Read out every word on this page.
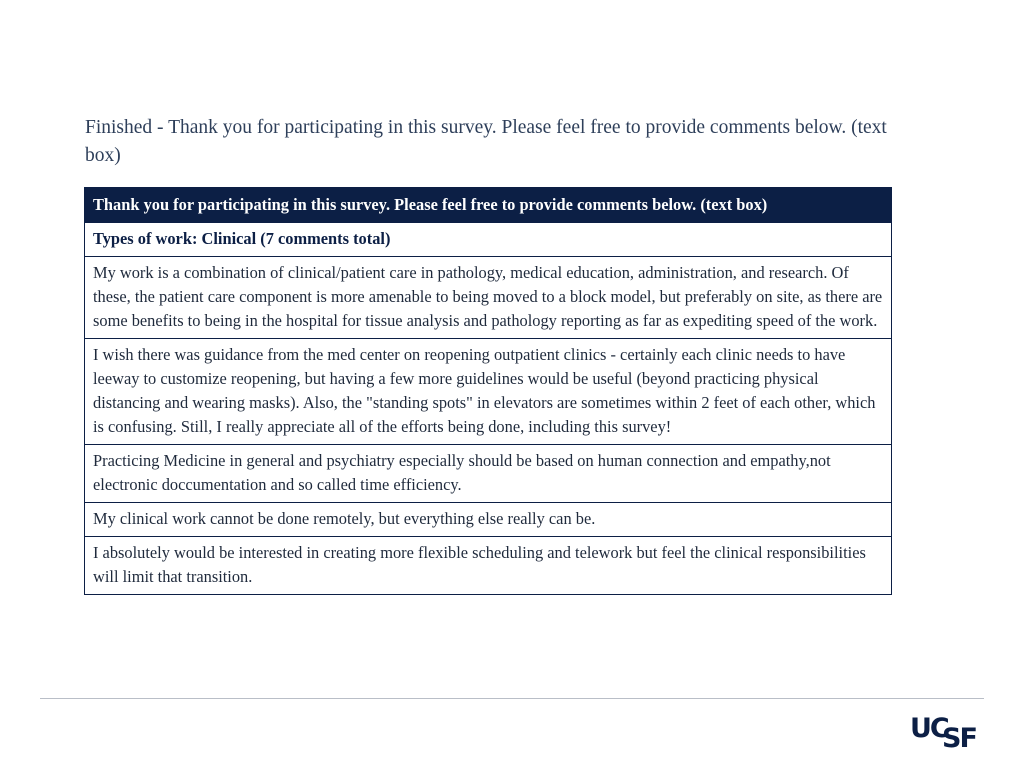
Finished - Thank you for participating in this survey. Please feel free to provide comments below. (text box)
Thank you for participating in this survey. Please feel free to provide comments below. (text box)
Types of work: Clinical (7 comments total)
My work is a combination of clinical/patient care in pathology, medical education, administration, and research. Of these, the patient care component is more amenable to being moved to a block model, but preferably on site, as there are some benefits to being in the hospital for tissue analysis and pathology reporting as far as expediting speed of the work.
I wish there was guidance from the med center on reopening outpatient clinics - certainly each clinic needs to have leeway to customize reopening, but having a few more guidelines would be useful (beyond practicing physical distancing and wearing masks). Also, the "standing spots" in elevators are sometimes within 2 feet of each other, which is confusing. Still, I really appreciate all of the efforts being done, including this survey!
Practicing Medicine in general and psychiatry especially should be based on human connection and empathy,not electronic doccumentation and so called time efficiency.
My clinical work cannot be done remotely, but everything else really can be.
I absolutely would be interested in creating more flexible scheduling and telework but feel the clinical responsibilities will limit that transition.
UC
SF
